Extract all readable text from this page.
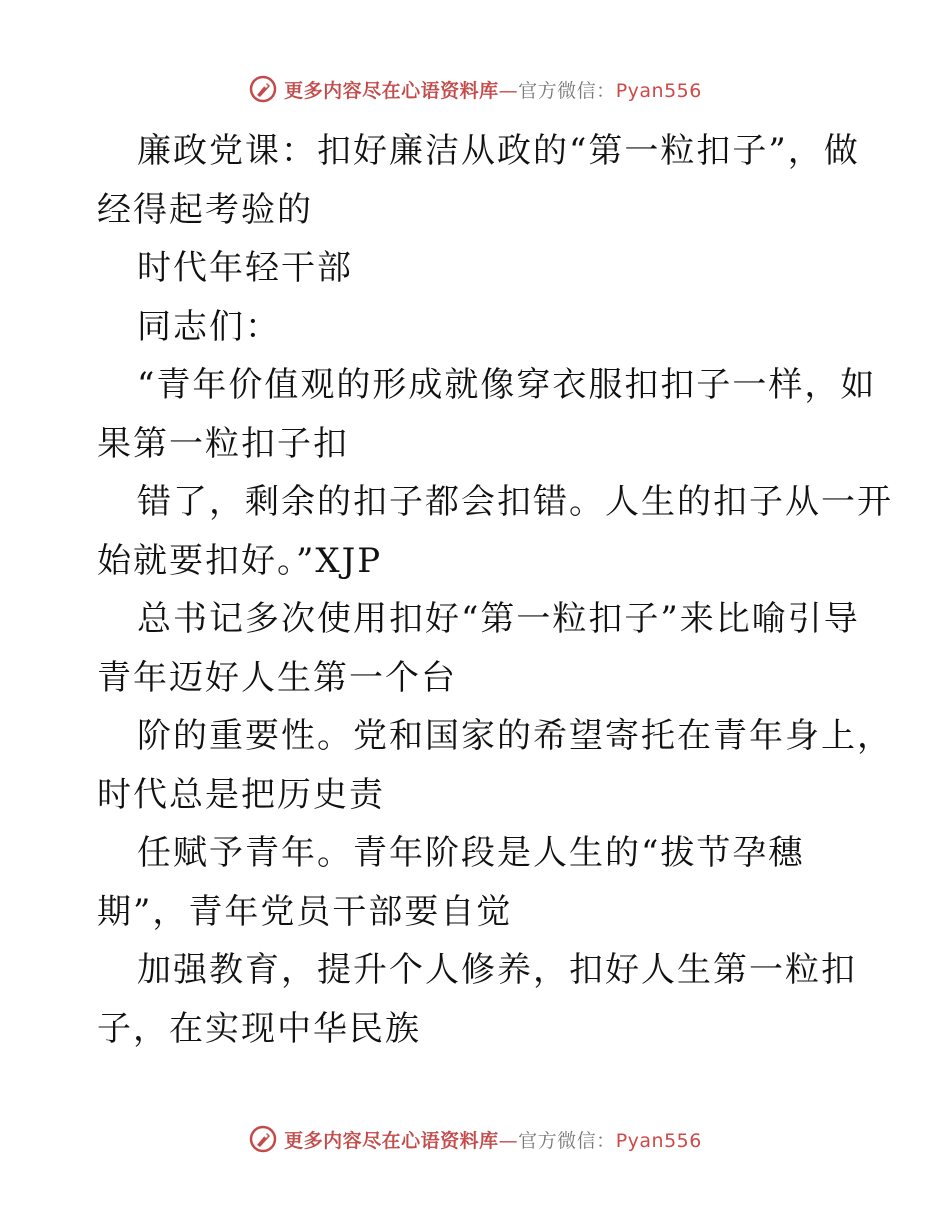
更多内容尽在心语资料库—官方微信：Pyan556
廉政党课：扣好廉洁从政的“第一粒扣子”，做
经得起考验的
时代年轻干部
同志们：
“青年价值观的形成就像穿衣服扣扣子一样，如
果第一粒扣子扣
错了，剩余的扣子都会扣错。人生的扣子从一开
始就要扣好。”XJP
总书记多次使用扣好“第一粒扣子”来比喻引导
青年迈好人生第一个台
阶的重要性。党和国家的希望寄托在青年身上，
时代总是把历史责
任赋予青年。青年阶段是人生的“拔节孕穗
期”，青年党员干部要自觉
加强教育，提升个人修养，扣好人生第一粒扣
子，在实现中华民族
更多内容尽在心语资料库—官方微信：Pyan556
